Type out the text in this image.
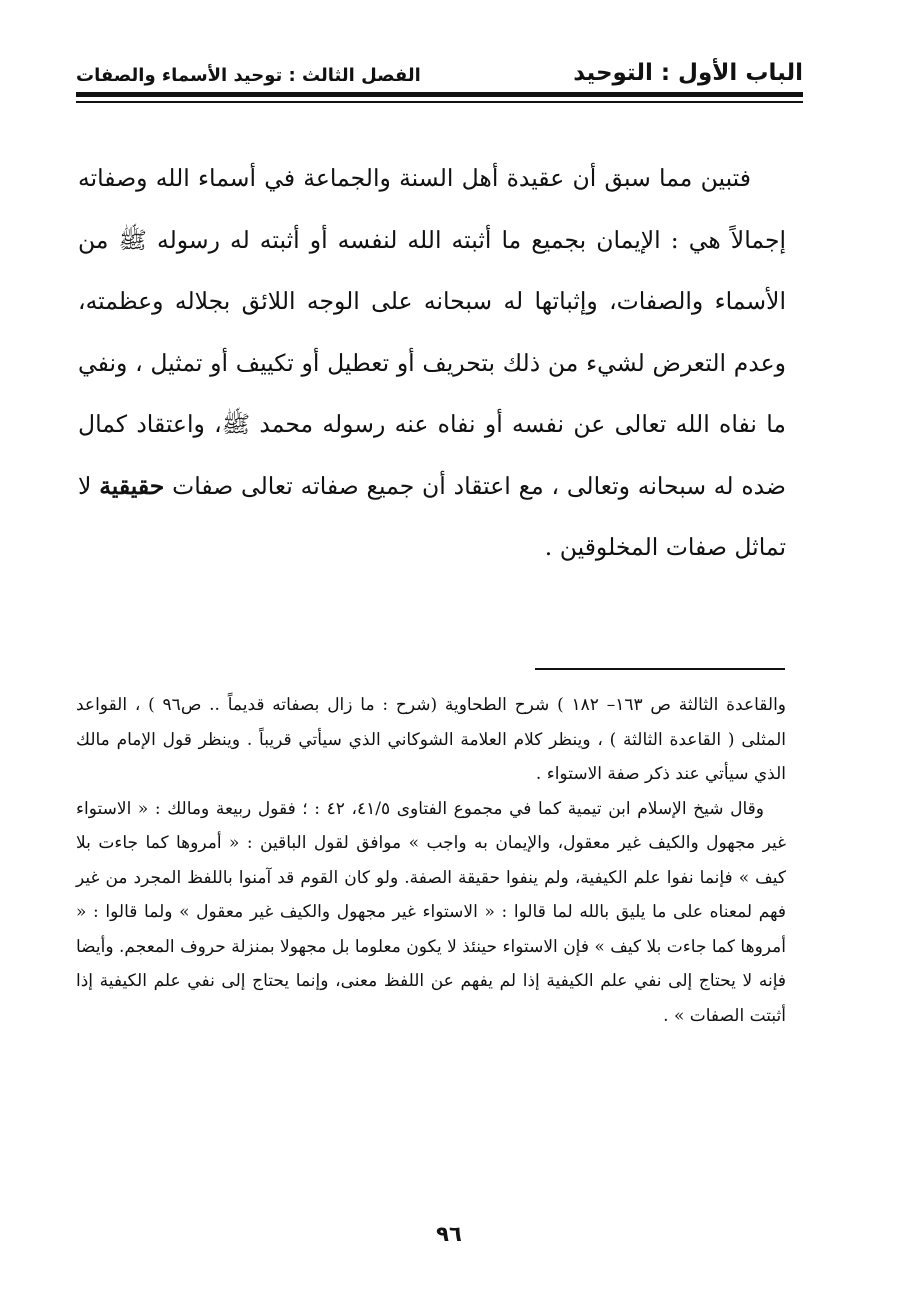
الباب الأول : التوحيد
الفصل الثالث : توحيد الأسماء والصفات

فتبين مما سبق أن عقيدة أهل السنة والجماعة في أسماء الله وصفاته إجمالاً هي : الإيمان بجميع ما أثبته الله لنفسه أو أثبته له رسوله ﷺ من الأسماء والصفات، وإثباتها له سبحانه على الوجه اللائق بجلاله وعظمته، وعدم التعرض لشيء من ذلك بتحريف أو تعطيل أو تكييف أو تمثيل ، ونفي ما نفاه الله تعالى عن نفسه أو نفاه عنه رسوله محمد ﷺ، واعتقاد كمال ضده له سبحانه وتعالى ، مع اعتقاد أن جميع صفاته تعالى صفات حقيقية لا تماثل صفات المخلوقين .

والقاعدة الثالثة ص ١٦٣– ١٨٢ ) شرح الطحاوية (شرح : ما زال بصفاته قديماً .. ص٩٦ ) ، القواعد المثلى ( القاعدة الثالثة ) ، وينظر كلام العلامة الشوكاني الذي سيأتي قريباً . وينظر قول الإمام مالك الذي سيأتي عند ذكر صفة الاستواء .

وقال شيخ الإسلام ابن تيمية كما في مجموع الفتاوى ٤١/٥، ٤٢ : ؛ فقول ربيعة ومالك : « الاستواء غير مجهول والكيف غير معقول، والإيمان به واجب » موافق لقول الباقين : « أمروها كما جاءت بلا كيف » فإنما نفوا علم الكيفية، ولم ينفوا حقيقة الصفة. ولو كان القوم قد آمنوا باللفظ المجرد من غير فهم لمعناه على ما يليق بالله لما قالوا : « الاستواء غير مجهول والكيف غير معقول » ولما قالوا : « أمروها كما جاءت بلا كيف » فإن الاستواء حينئذ لا يكون معلوما بل مجهولا بمنزلة حروف المعجم. وأيضا فإنه لا يحتاج إلى نفي علم الكيفية إذا لم يفهم عن اللفظ معنى، وإنما يحتاج إلى نفي علم الكيفية إذا أثبتت الصفات » .

٩٦
